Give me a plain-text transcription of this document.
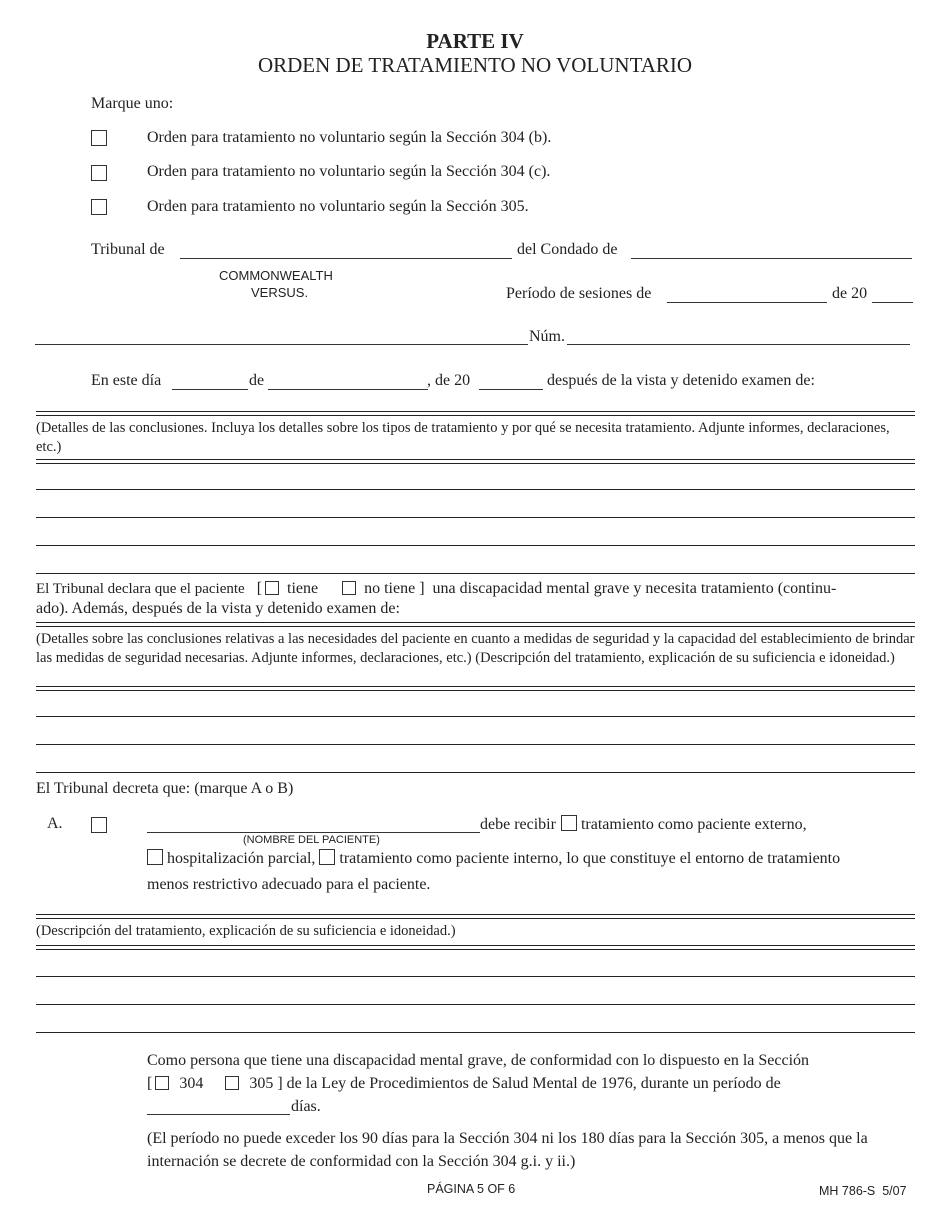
PARTE IV
ORDEN DE TRATAMIENTO NO VOLUNTARIO
Marque uno:
Orden para tratamiento no voluntario según la Sección 304 (b).
Orden para tratamiento no voluntario según la Sección 304 (c).
Orden para tratamiento no voluntario según la Sección 305.
Tribunal de	del Condado de
COMMONWEALTH
VERSUS.	Período de sesiones de	de 20
Núm.
En este día	de	, de 20	después de la vista y detenido examen de:
(Detalles de las conclusiones. Incluya los detalles sobre los tipos de tratamiento y por qué se necesita tratamiento. Adjunte informes, declaraciones, etc.)
El Tribunal declara que el paciente [ tiene	no tiene ] una discapacidad mental grave y necesita tratamiento (continu-
ado). Además, después de la vista y detenido examen de:
(Detalles sobre las conclusiones relativas a las necesidades del paciente en cuanto a medidas de seguridad y la capacidad del establecimiento de brindar las medidas de seguridad necesarias. Adjunte informes, declaraciones, etc.) (Descripción del tratamiento, explicación de su suficiencia e idoneidad.)
El Tribunal decreta que: (marque A o B)
A.
(NOMBRE DEL PACIENTE)
debe recibir tratamiento como paciente externo,
hospitalización parcial, tratamiento como paciente interno, lo que constituye el entorno de tratamiento
menos restrictivo adecuado para el paciente.
(Descripción del tratamiento, explicación de su suficiencia e idoneidad.)
Como persona que tiene una discapacidad mental grave, de conformidad con lo dispuesto en la Sección
[ 304	305 ] de la Ley de Procedimientos de Salud Mental de 1976, durante un período de
días.
(El período no puede exceder los 90 días para la Sección 304 ni los 180 días para la Sección 305, a menos que la internación se decrete de conformidad con la Sección 304 g.i. y ii.)
PÁGINA 5 OF 6	MH 786-S 5/07
